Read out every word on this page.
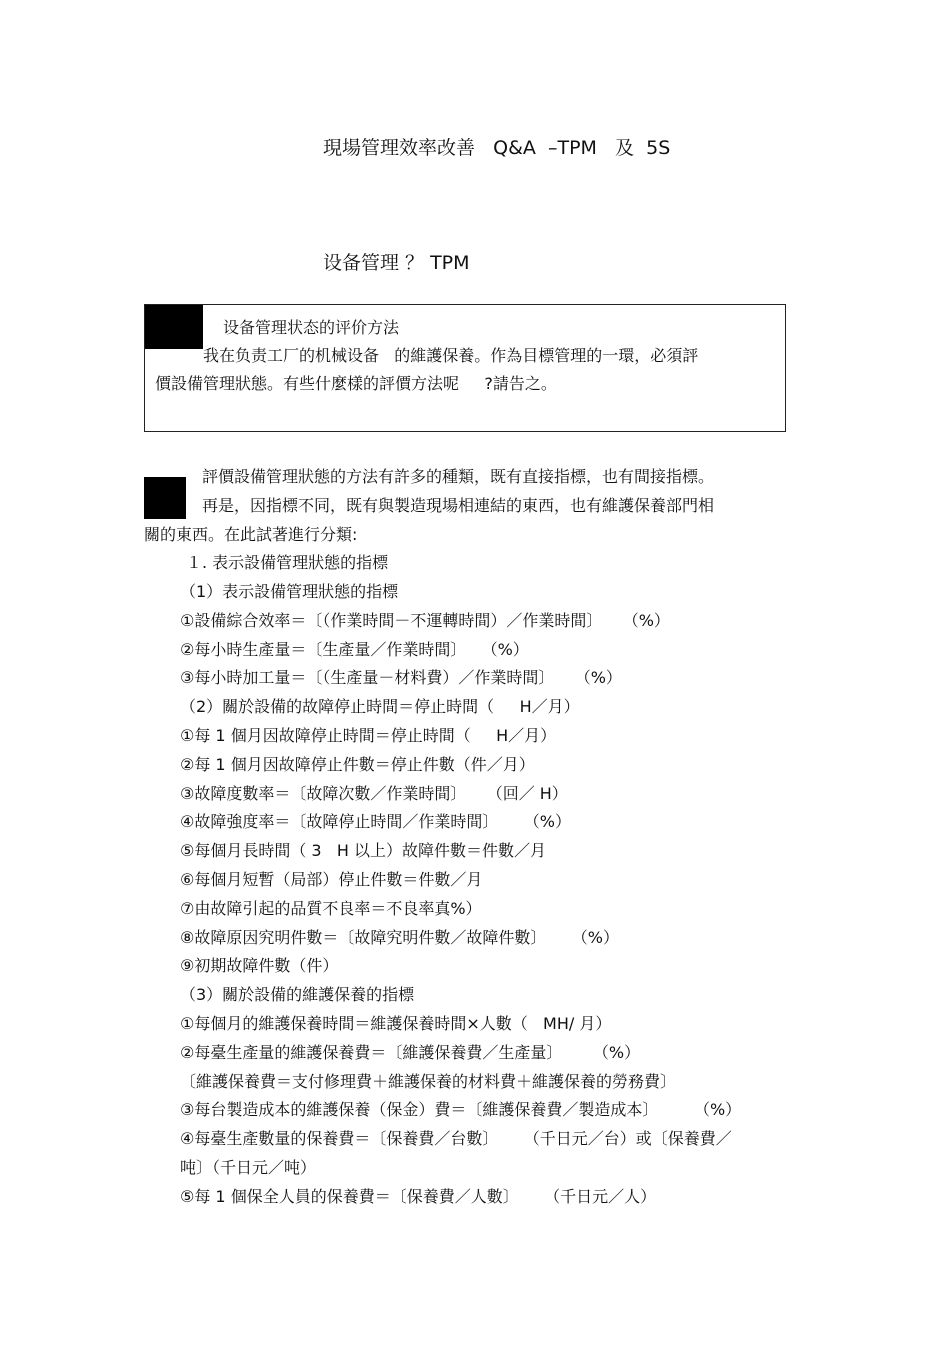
現場管理效率改善   Q&A  –TPM   及  5S
设备管理 ？ TPM
设备管理状态的评价方法
我在负责工厂的机械设备   的維護保養。作為目標管理的一環，必須評
價設備管理狀態。有些什麼樣的評價方法呢     ?請告之。
評價設備管理狀態的方法有許多的種類，既有直接指標，也有間接指標。
再是，因指標不同，既有與製造現場相連結的東西，也有維護保養部門相
關的東西。在此試著進行分類:
１. 表示設備管理狀態的指標
（1）表示設備管理狀態的指標
①設備綜合效率＝〔（作業時間－不運轉時間）／作業時間〕    （%）
②每小時生產量＝〔生產量／作業時間〕   （%）
③每小時加工量＝〔（生產量－材料費）／作業時間〕    （%）
（2）關於設備的故障停止時間＝停止時間（     H／月）
①每 1 個月因故障停止時間＝停止時間（     H／月）
②每 1 個月因故障停止件數＝停止件數（件／月）
③故障度數率＝〔故障次數／作業時間〕    （回／ H）
④故障強度率＝〔故障停止時間／作業時間〕     （%）
⑤每個月長時間（ 3   H 以上）故障件數＝件數／月
⑥每個月短暫（局部）停止件數＝件數／月
⑦由故障引起的品質不良率＝不良率真%）
⑧故障原因究明件數＝〔故障究明件數／故障件數〕     （%）
⑨初期故障件數（件）
（3）關於設備的維護保養的指標
①每個月的維護保養時間＝維護保養時間×人數（   MH/ 月）
②每臺生產量的維護保養費＝〔維護保養費／生產量〕      （%）
〔維護保養費＝支付修理費＋維護保養的材料費＋維護保養的勞務費〕
③每台製造成本的維護保養（保金）費＝〔維護保養費／製造成本〕       （%）
④每臺生產數量的保養費＝〔保養費／台數〕     （千日元／台）或〔保養費／
吨〕（千日元／吨）
⑤每 1 個保全人員的保養費＝〔保養費／人數〕     （千日元／人）
